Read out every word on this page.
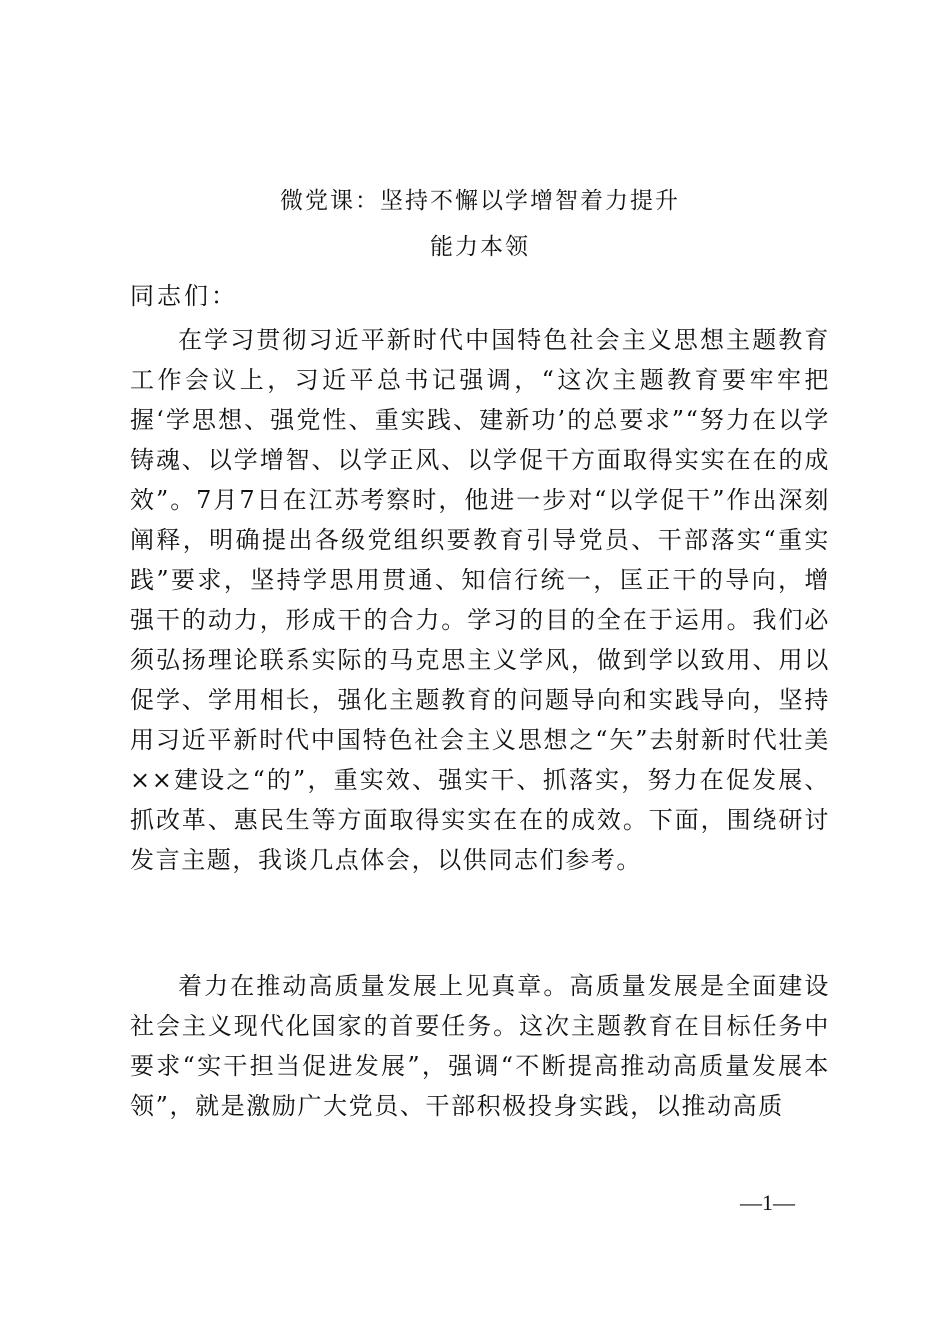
微党课：坚持不懈以学增智着力提升
能力本领
同志们：

在学习贯彻习近平新时代中国特色社会主义思想主题教育工作会议上，习近平总书记强调，“这次主题教育要牢牢把握‘学思想、强党性、重实践、建新功’的总要求”“努力在以学铸魂、以学增智、以学正风、以学促干方面取得实实在在的成效”。7月7日在江苏考察时，他进一步对“以学促干”作出深刻阐释，明确提出各级党组织要教育引导党员、干部落实“重实践”要求，坚持学思用贯通、知信行统一，匡正干的导向，增强干的动力，形成干的合力。学习的目的全在于运用。我们必须弘扬理论联系实际的马克思主义学风，做到学以致用、用以促学、学用相长，强化主题教育的问题导向和实践导向，坚持用习近平新时代中国特色社会主义思想之“矢”去射新时代壮美××建设之“的”，重实效、强实干、抓落实，努力在促发展、抓改革、惠民生等方面取得实实在在的成效。下面，围绕研讨发言主题，我谈几点体会，以供同志们参考。

着力在推动高质量发展上见真章。高质量发展是全面建设社会主义现代化国家的首要任务。这次主题教育在目标任务中要求“实干担当促进发展”，强调“不断提高推动高质量发展本领”，就是激励广大党员、干部积极投身实践，以推动高质

—1—
